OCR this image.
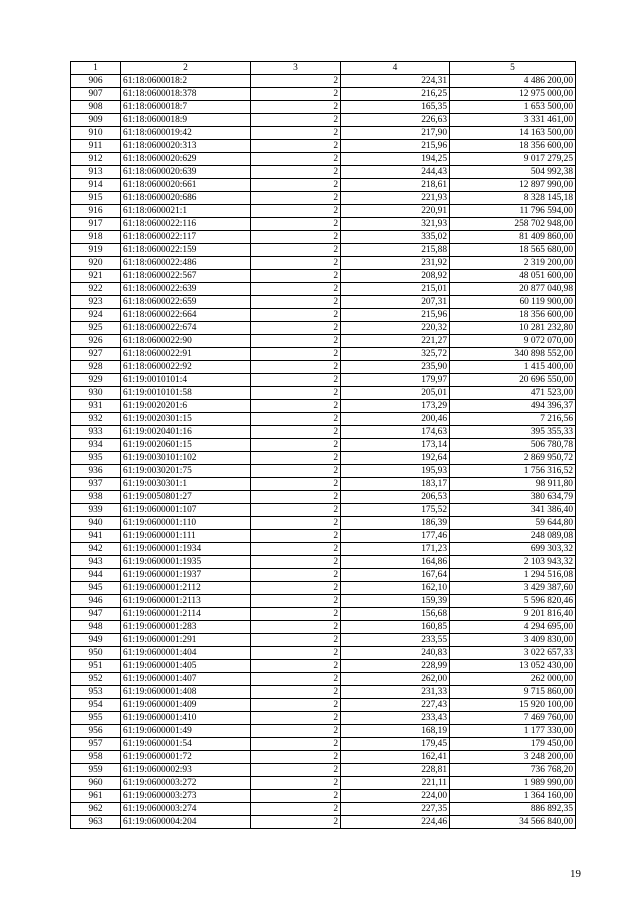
1	2	3	4	5
906	61:18:0600018:2	2	224,31	4 486 200,00
907	61:18:0600018:378	2	216,25	12 975 000,00
908	61:18:0600018:7	2	165,35	1 653 500,00
909	61:18:0600018:9	2	226,63	3 331 461,00
910	61:18:0600019:42	2	217,90	14 163 500,00
911	61:18:0600020:313	2	215,96	18 356 600,00
912	61:18:0600020:629	2	194,25	9 017 279,25
913	61:18:0600020:639	2	244,43	504 992,38
914	61:18:0600020:661	2	218,61	12 897 990,00
915	61:18:0600020:686	2	221,93	8 328 145,18
916	61:18:0600021:1	2	220,91	11 796 594,00
917	61:18:0600022:116	2	321,93	258 702 948,00
918	61:18:0600022:117	2	335,02	81 409 860,00
919	61:18:0600022:159	2	215,88	18 565 680,00
920	61:18:0600022:486	2	231,92	2 319 200,00
921	61:18:0600022:567	2	208,92	48 051 600,00
922	61:18:0600022:639	2	215,01	20 877 040,98
923	61:18:0600022:659	2	207,31	60 119 900,00
924	61:18:0600022:664	2	215,96	18 356 600,00
925	61:18:0600022:674	2	220,32	10 281 232,80
926	61:18:0600022:90	2	221,27	9 072 070,00
927	61:18:0600022:91	2	325,72	340 898 552,00
928	61:18:0600022:92	2	235,90	1 415 400,00
929	61:19:0010101:4	2	179,97	20 696 550,00
930	61:19:0010101:58	2	205,01	471 523,00
931	61:19:0020201:6	2	173,29	494 396,37
932	61:19:0020301:15	2	200,46	7 216,56
933	61:19:0020401:16	2	174,63	395 355,33
934	61:19:0020601:15	2	173,14	506 780,78
935	61:19:0030101:102	2	192,64	2 869 950,72
936	61:19:0030201:75	2	195,93	1 756 316,52
937	61:19:0030301:1	2	183,17	98 911,80
938	61:19:0050801:27	2	206,53	380 634,79
939	61:19:0600001:107	2	175,52	341 386,40
940	61:19:0600001:110	2	186,39	59 644,80
941	61:19:0600001:111	2	177,46	248 089,08
942	61:19:0600001:1934	2	171,23	699 303,32
943	61:19:0600001:1935	2	164,86	2 103 943,32
944	61:19:0600001:1937	2	167,64	1 294 516,08
945	61:19:0600001:2112	2	162,10	3 429 387,60
946	61:19:0600001:2113	2	159,39	5 596 820,46
947	61:19:0600001:2114	2	156,68	9 201 816,40
948	61:19:0600001:283	2	160,85	4 294 695,00
949	61:19:0600001:291	2	233,55	3 409 830,00
950	61:19:0600001:404	2	240,83	3 022 657,33
951	61:19:0600001:405	2	228,99	13 052 430,00
952	61:19:0600001:407	2	262,00	262 000,00
953	61:19:0600001:408	2	231,33	9 715 860,00
954	61:19:0600001:409	2	227,43	15 920 100,00
955	61:19:0600001:410	2	233,43	7 469 760,00
956	61:19:0600001:49	2	168,19	1 177 330,00
957	61:19:0600001:54	2	179,45	179 450,00
958	61:19:0600001:72	2	162,41	3 248 200,00
959	61:19:0600002:93	2	228,81	736 768,20
960	61:19:0600003:272	2	221,11	1 989 990,00
961	61:19:0600003:273	2	224,00	1 364 160,00
962	61:19:0600003:274	2	227,35	886 892,35
963	61:19:0600004:204	2	224,46	34 566 840,00
19
